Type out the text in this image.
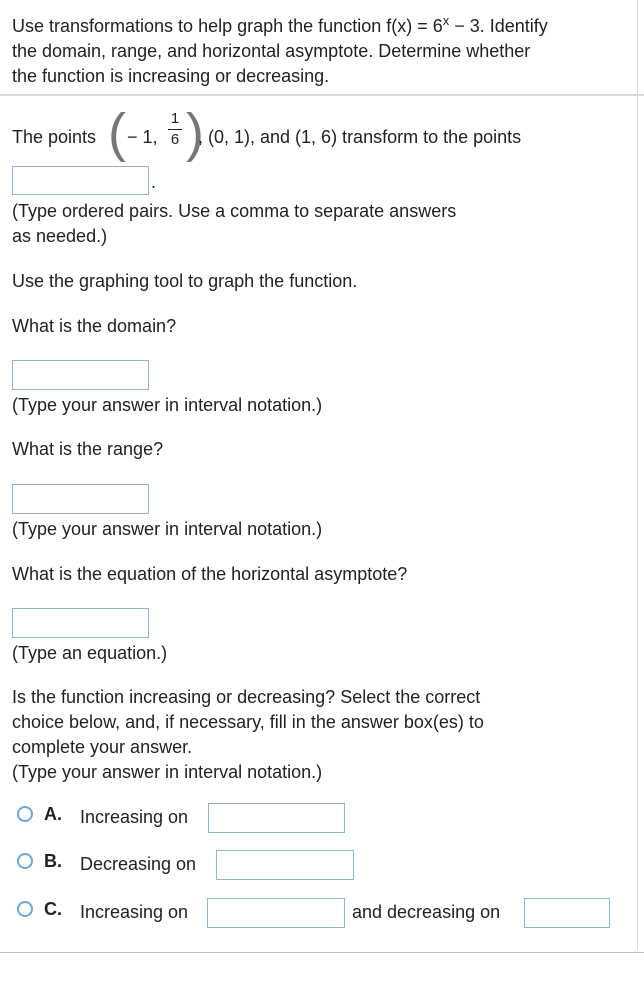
Use transformations to help graph the function $f(x) = 6^x - 3$. Identify
the domain, range, and horizontal asymptote. Determine whether
the function is increasing or decreasing.
The points ( − 1,
1
6 )
, (0, 1), and (1, 6) transform to the points
.
(Type ordered pairs. Use a comma to separate answers
as needed.)
Use the graphing tool to graph the function.
What is the domain?
(Type your answer in interval notation.)
What is the range?
(Type your answer in interval notation.)
What is the equation of the horizontal asymptote?
(Type an equation.)
Is the function increasing or decreasing? Select the correct
choice below, and, if necessary, fill in the answer box(es) to
complete your answer.
(Type your answer in interval notation.)
A. Increasing on
B. Decreasing on
C. Increasing on	and decreasing on
